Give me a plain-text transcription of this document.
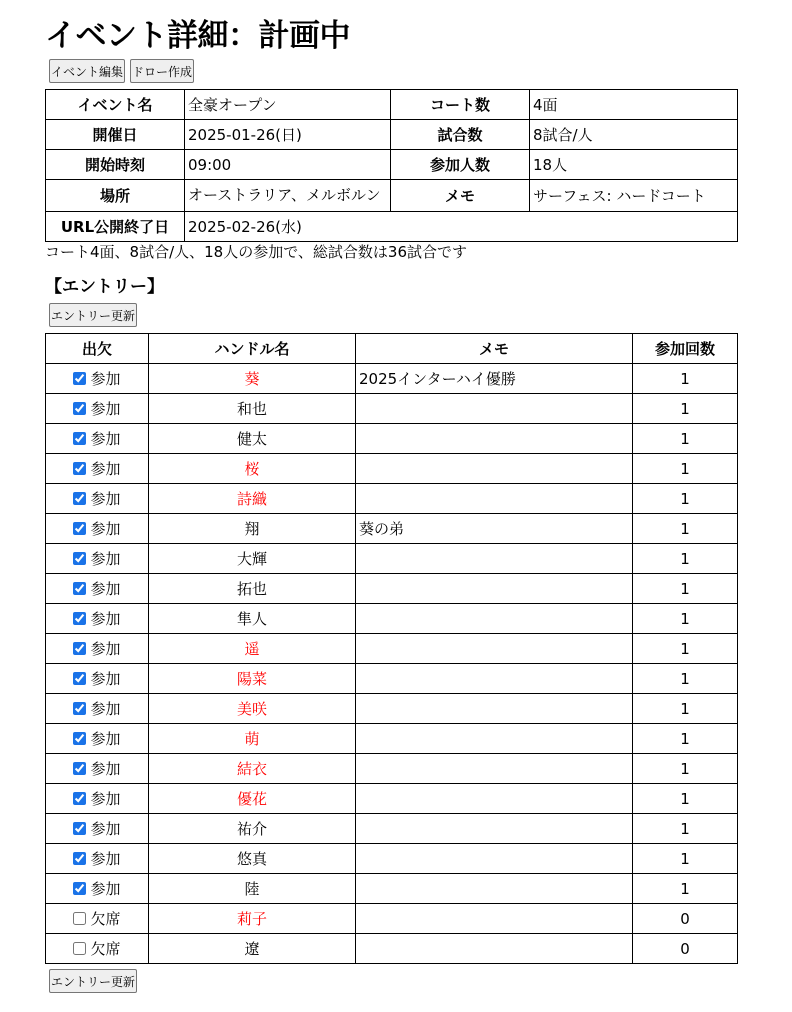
イベント詳細：計画中
イベント編集 ドロー作成
イベント名	全豪オープン	コート数	4面
開催日	2025-01-26(日)	試合数	8試合/人
開始時刻	09:00	参加人数	18人
場所	オーストラリア、メルボルン	メモ	サーフェス: ハードコート
URL公開終了日	2025-02-26(水)		
コート4面、8試合/人、18人の参加で、総試合数は36試合です
【エントリー】
エントリー更新
出欠	ハンドル名	メモ	参加回数
参加	葵	2025インターハイ優勝	1
参加	和也		1
参加	健太		1
参加	桜		1
参加	詩織		1
参加	翔	葵の弟	1
参加	大輝		1
参加	拓也		1
参加	隼人		1
参加	遥		1
参加	陽菜		1
参加	美咲		1
参加	萌		1
参加	結衣		1
参加	優花		1
参加	祐介		1
参加	悠真		1
参加	陸		1
欠席	莉子		0
欠席	遼		0
エントリー更新
